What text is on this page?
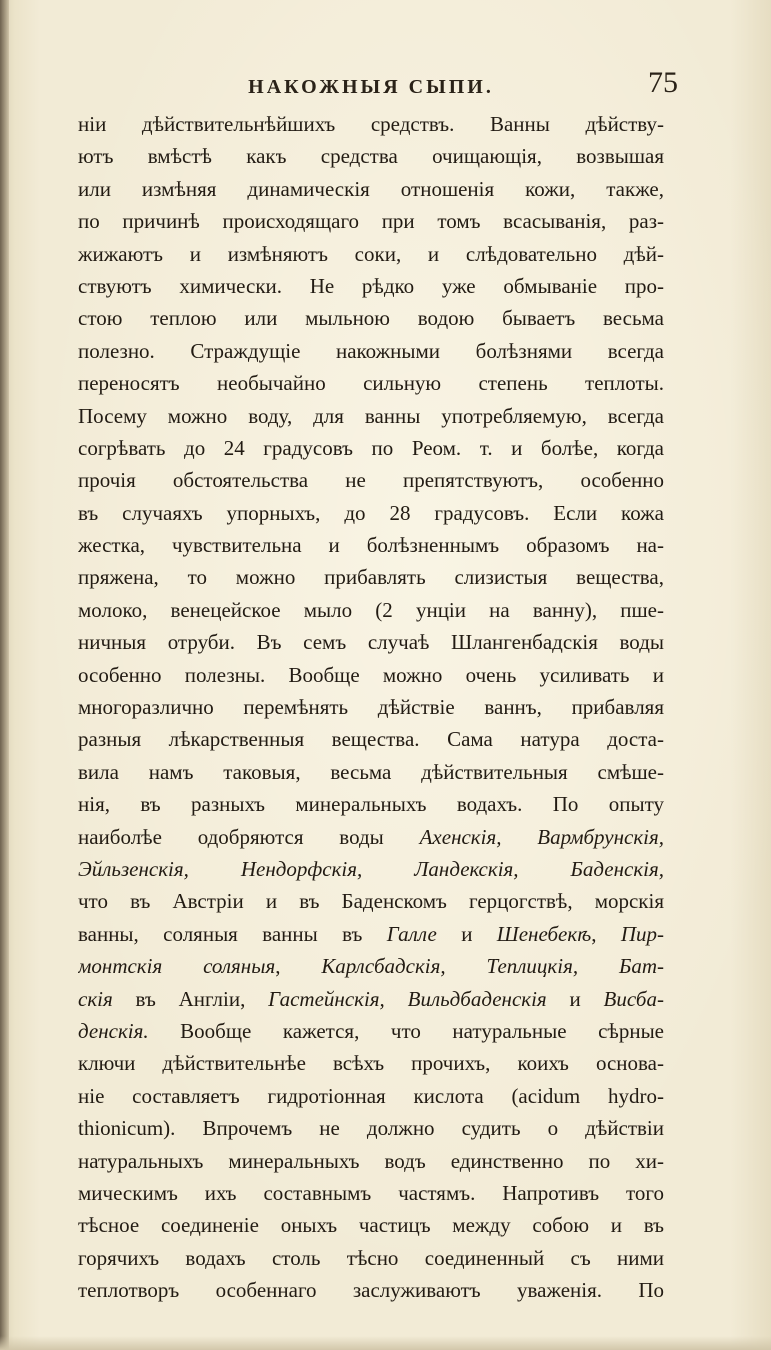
НАКОЖНЫЯ СЫПИ.	75
нiи дѣйствительнѣйшихъ средствъ. Ванны дѣйству-
ютъ вмѣстѣ какъ средства очищающiя, возвышая
или измѣняя динамическiя отношенiя кожи, также,
по причинѣ происходящаго при томъ всасыванiя, раз-
жижаютъ и измѣняютъ соки, и слѣдовательно дѣй-
ствуютъ химически. Не рѣдко уже обмыванiе про-
стою теплою или мыльною водою бываетъ весьма
полезно. Страждущiе накожными болѣзнями всегда
переносятъ необычайно сильную степень теплоты.
Посему можно воду, для ванны употребляемую, всегда
согрѣвать до 24 градусовъ по Реом. т. и болѣе, когда
прочiя обстоятельства не препятствуютъ, особенно
въ случаяхъ упорныхъ, до 28 градусовъ. Если кожа
жестка, чувствительна и болѣзненнымъ образомъ на-
пряжена, то можно прибавлять слизистыя вещества,
молоко, венецейское мыло (2 унцiи на ванну), пше-
ничныя отруби. Въ семъ случаѣ Шлангенбадскiя воды
особенно полезны. Вообще можно очень усиливать и
многоразлично перемѣнять дѣйствiе ваннъ, прибавляя
разныя лѣкарственныя вещества. Сама натура доста-
вила намъ таковыя, весьма дѣйствительныя смѣше-
нiя, въ разныхъ минеральныхъ водахъ. По опыту
наиболѣе одобряются воды Ахенскiя, Вармбрунскiя,
Эйльзенскiя, Нендорфскiя, Ландекскiя, Баденскiя,
что въ Австрiи и въ Баденскомъ герцогствѣ, морскiя
ванны, соляныя ванны въ Галле и Шенебекѣ, Пир-
монтскiя соляныя, Карлсбадскiя, Теплицкiя, Бат-
скiя въ Англiи, Гастейнскiя, Вильдбаденскiя и Висба-
денскiя. Вообще кажется, что натуральные сѣрные
ключи дѣйствительнѣе всѣхъ прочихъ, коихъ основа-
нiе составляетъ гидротiонная кислота (acidum hydro-
thionicum). Впрочемъ не должно судить о дѣйствiи
натуральныхъ минеральныхъ водъ единственно по хи-
мическимъ ихъ составнымъ частямъ. Напротивъ того
тѣсное соединенiе оныхъ частицъ между собою и въ
горячихъ водахъ столь тѣсно соединенный съ ними
теплотворъ особеннаго заслуживаютъ уваженiя. По
